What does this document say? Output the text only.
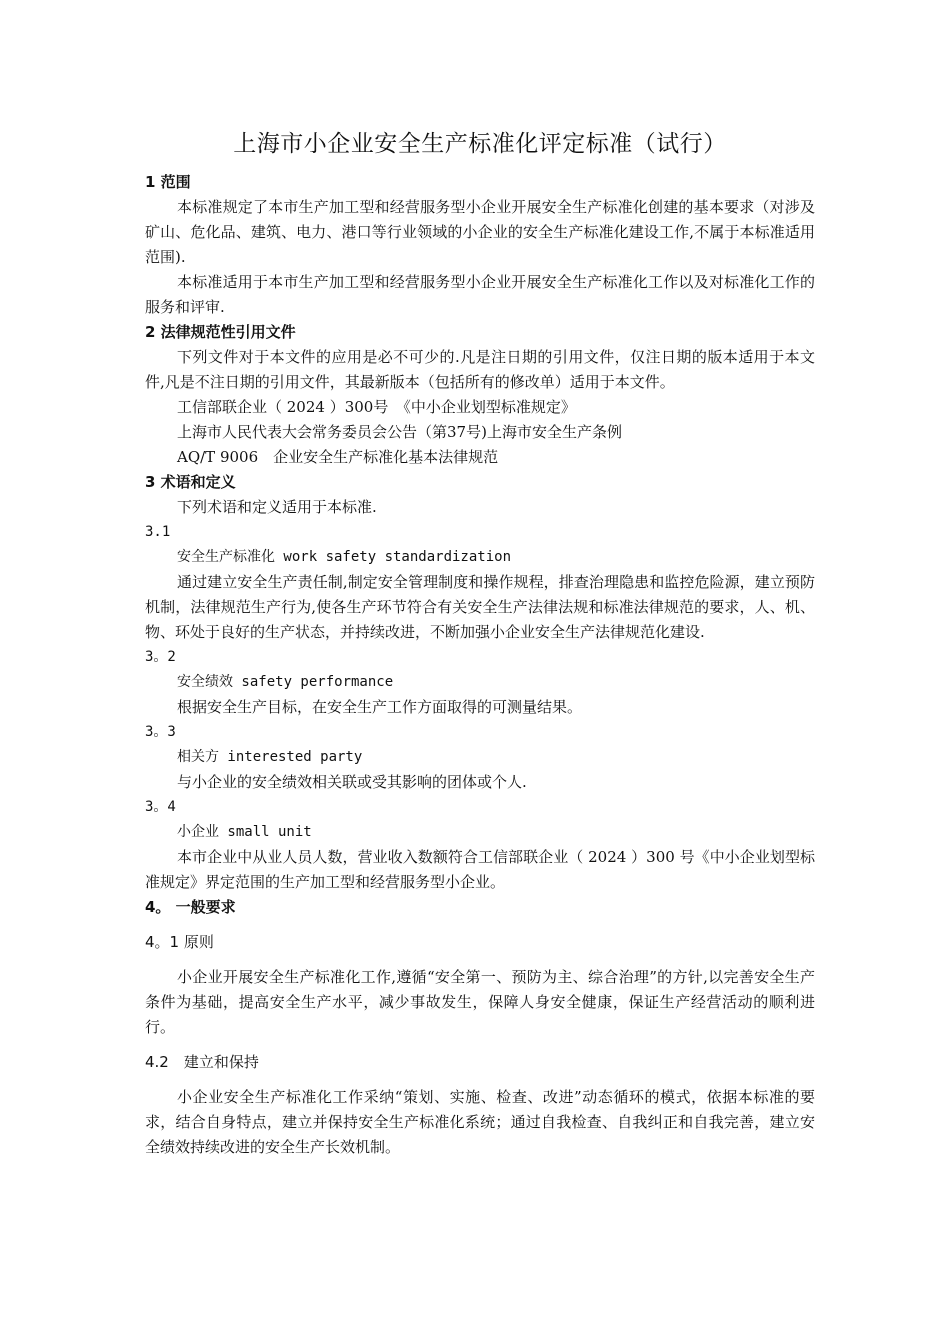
上海市小企业安全生产标准化评定标准（试行）
1 范围
本标准规定了本市生产加工型和经营服务型小企业开展安全生产标准化创建的基本要求（对涉及矿山、危化品、建筑、电力、港口等行业领域的小企业的安全生产标准化建设工作,不属于本标准适用范围).
本标准适用于本市生产加工型和经营服务型小企业开展安全生产标准化工作以及对标准化工作的服务和评审.
2 法律规范性引用文件
下列文件对于本文件的应用是必不可少的.凡是注日期的引用文件，仅注日期的版本适用于本文件,凡是不注日期的引用文件，其最新版本（包括所有的修改单）适用于本文件。
工信部联企业（ 2024 ）300号　《中小企业划型标准规定》
上海市人民代表大会常务委员会公告（第37号)上海市安全生产条例
AQ/T 9006　企业安全生产标准化基本法律规范
3 术语和定义
下列术语和定义适用于本标准.
3.1
安全生产标准化 work safety standardization
通过建立安全生产责任制,制定安全管理制度和操作规程，排查治理隐患和监控危险源，建立预防机制，法律规范生产行为,使各生产环节符合有关安全生产法律法规和标准法律规范的要求，人、机、物、环处于良好的生产状态，并持续改进，不断加强小企业安全生产法律规范化建设.
3。2
安全绩效 safety performance
根据安全生产目标，在安全生产工作方面取得的可测量结果。
3。3
相关方 interested party
与小企业的安全绩效相关联或受其影响的团体或个人.
3。4
小企业 small unit
本市企业中从业人员人数，营业收入数额符合工信部联企业（ 2024 ）300 号《中小企业划型标准规定》界定范围的生产加工型和经营服务型小企业。
4。 一般要求
4。1 原则
小企业开展安全生产标准化工作,遵循“安全第一、预防为主、综合治理”的方针,以完善安全生产条件为基础，提高安全生产水平，减少事故发生，保障人身安全健康，保证生产经营活动的顺利进行。
4.2　建立和保持
小企业安全生产标准化工作采纳“策划、实施、检查、改进”动态循环的模式，依据本标准的要求，结合自身特点，建立并保持安全生产标准化系统；通过自我检查、自我纠正和自我完善，建立安全绩效持续改进的安全生产长效机制。
